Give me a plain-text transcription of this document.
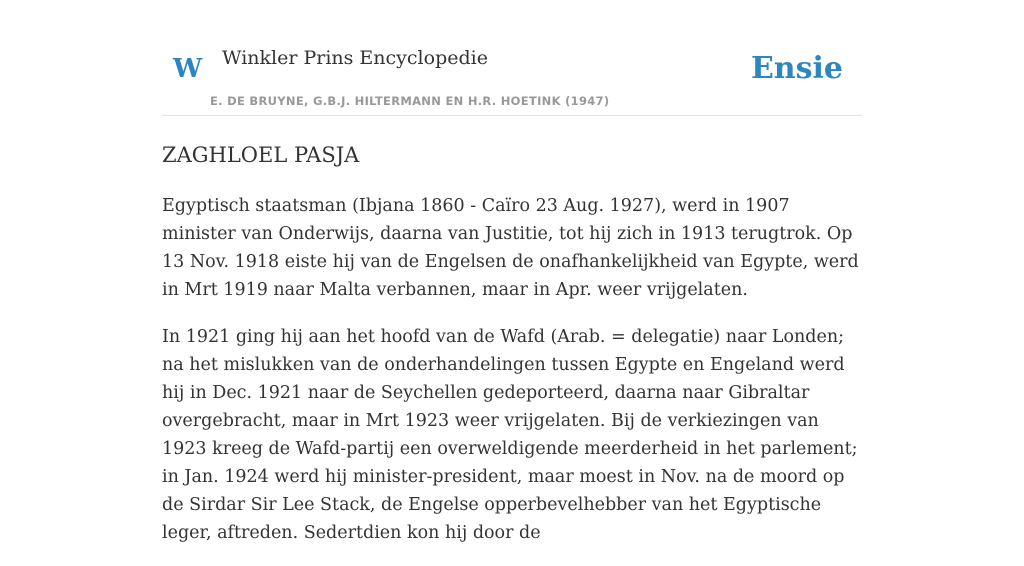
W Winkler Prins Encyclopedie
E. DE BRUYNE, G.B.J. HILTERMANN EN H.R. HOETINK (1947)
Ensie
ZAGHLOEL PASJA

Egyptisch staatsman (Ibjana 1860 - Caïro 23 Aug. 1927), werd in 1907 minister van Onderwijs, daarna van Justitie, tot hij zich in 1913 terugtrok. Op 13 Nov. 1918 eiste hij van de Engelsen de onafhankelijkheid van Egypte, werd in Mrt 1919 naar Malta verbannen, maar in Apr. weer vrijgelaten.

In 1921 ging hij aan het hoofd van de Wafd (Arab. = delegatie) naar Londen; na het mislukken van de onderhandelingen tussen Egypte en Engeland werd hij in Dec. 1921 naar de Seychellen gedeporteerd, daarna naar Gibraltar overgebracht, maar in Mrt 1923 weer vrijgelaten. Bij de verkiezingen van 1923 kreeg de Wafd-partij een overweldigende meerderheid in het parlement; in Jan. 1924 werd hij minister-president, maar moest in Nov. na de moord op de Sirdar Sir Lee Stack, de Engelse opperbevelhebber van het Egyptische leger, aftreden. Sedertdien kon hij door de
